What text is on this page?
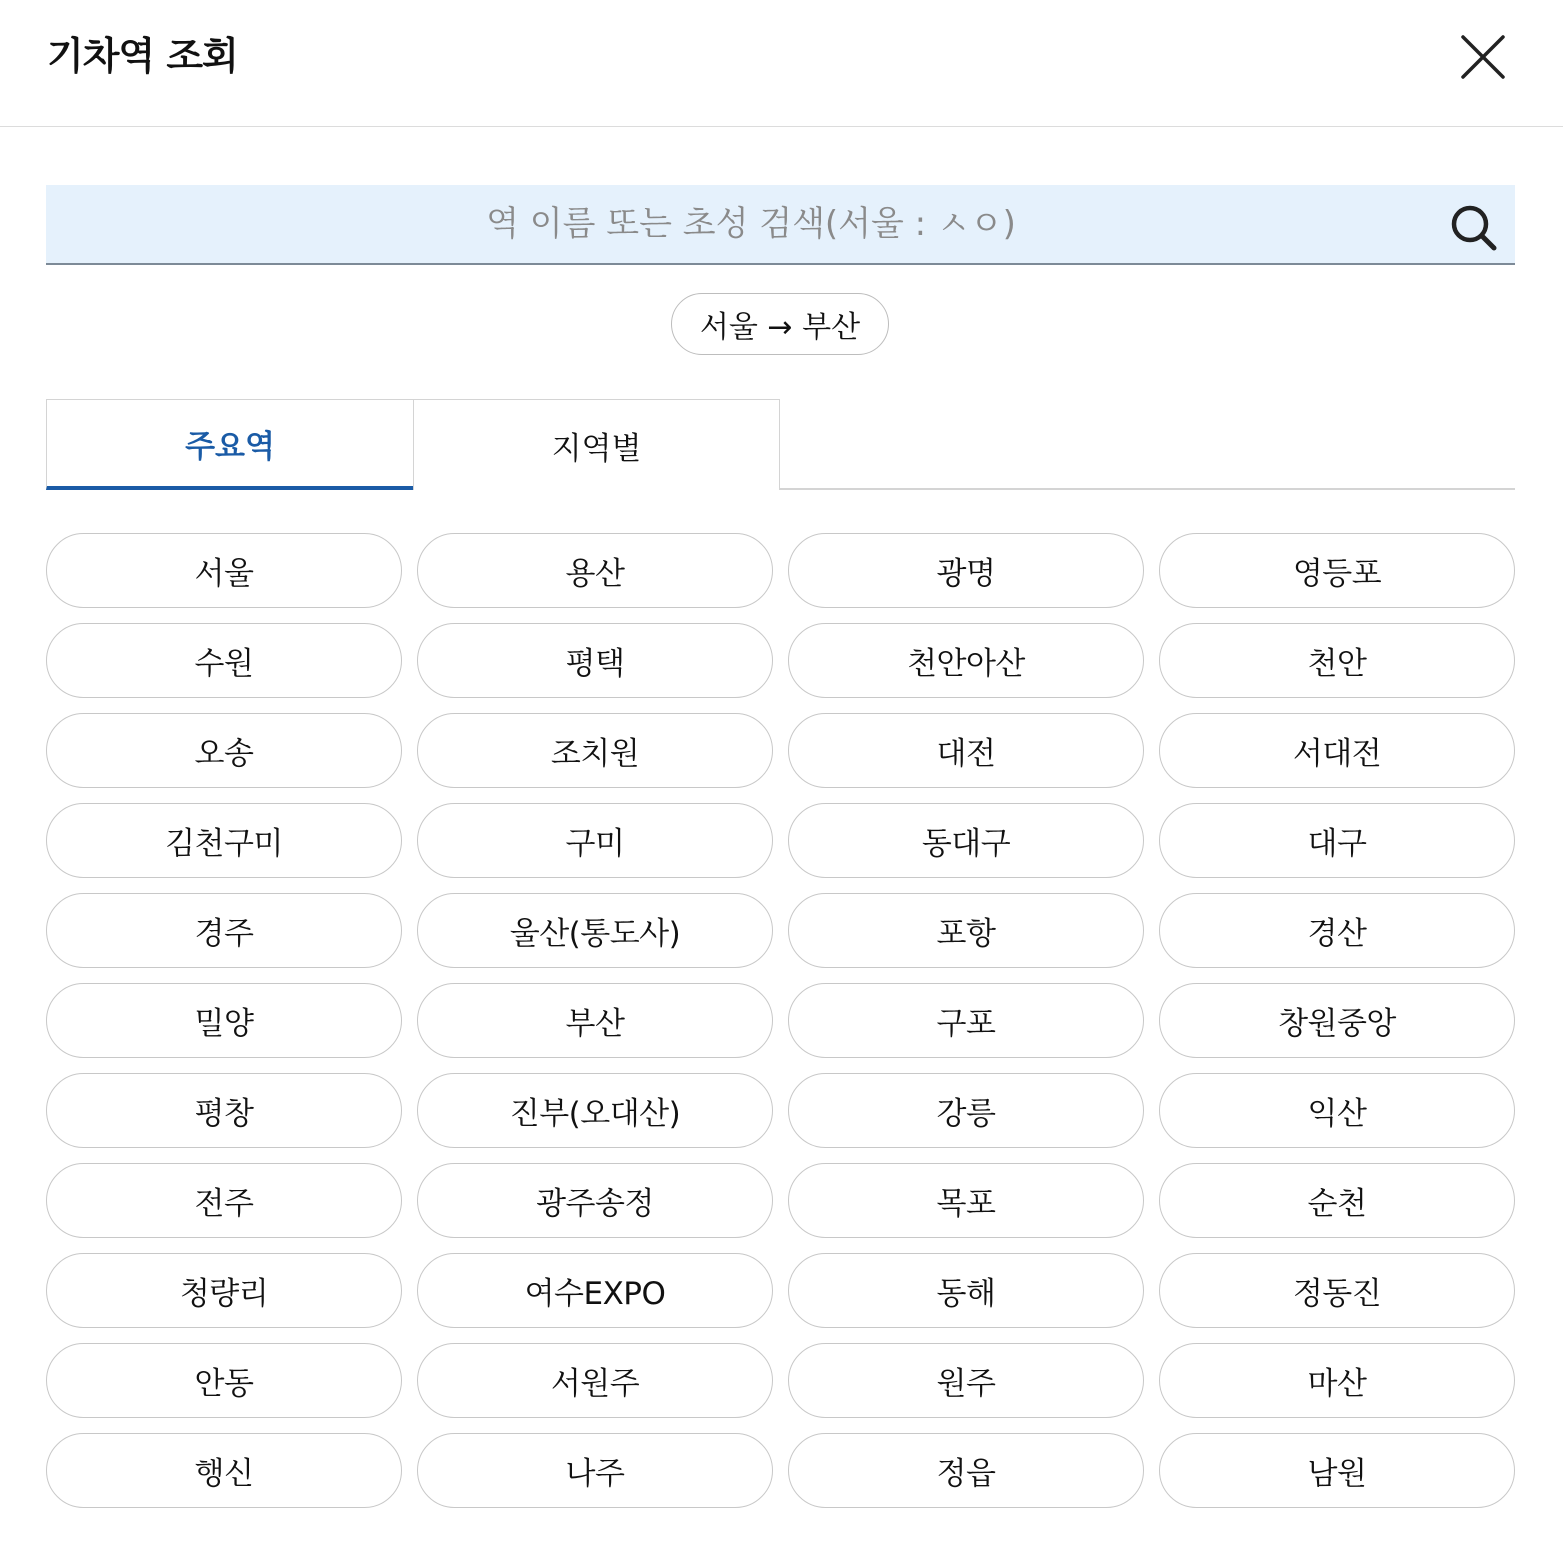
기차역 조회
역 이름 또는 초성 검색(서울 : ㅅㅇ)
서울 → 부산
주요역	지역별
서울	용산	광명	영등포
수원	평택	천안아산	천안
오송	조치원	대전	서대전
김천구미	구미	동대구	대구
경주	울산(통도사)	포항	경산
밀양	부산	구포	창원중앙
평창	진부(오대산)	강릉	익산
전주	광주송정	목포	순천
청량리	여수EXPO	동해	정동진
안동	서원주	원주	마산
행신	나주	정읍	남원
